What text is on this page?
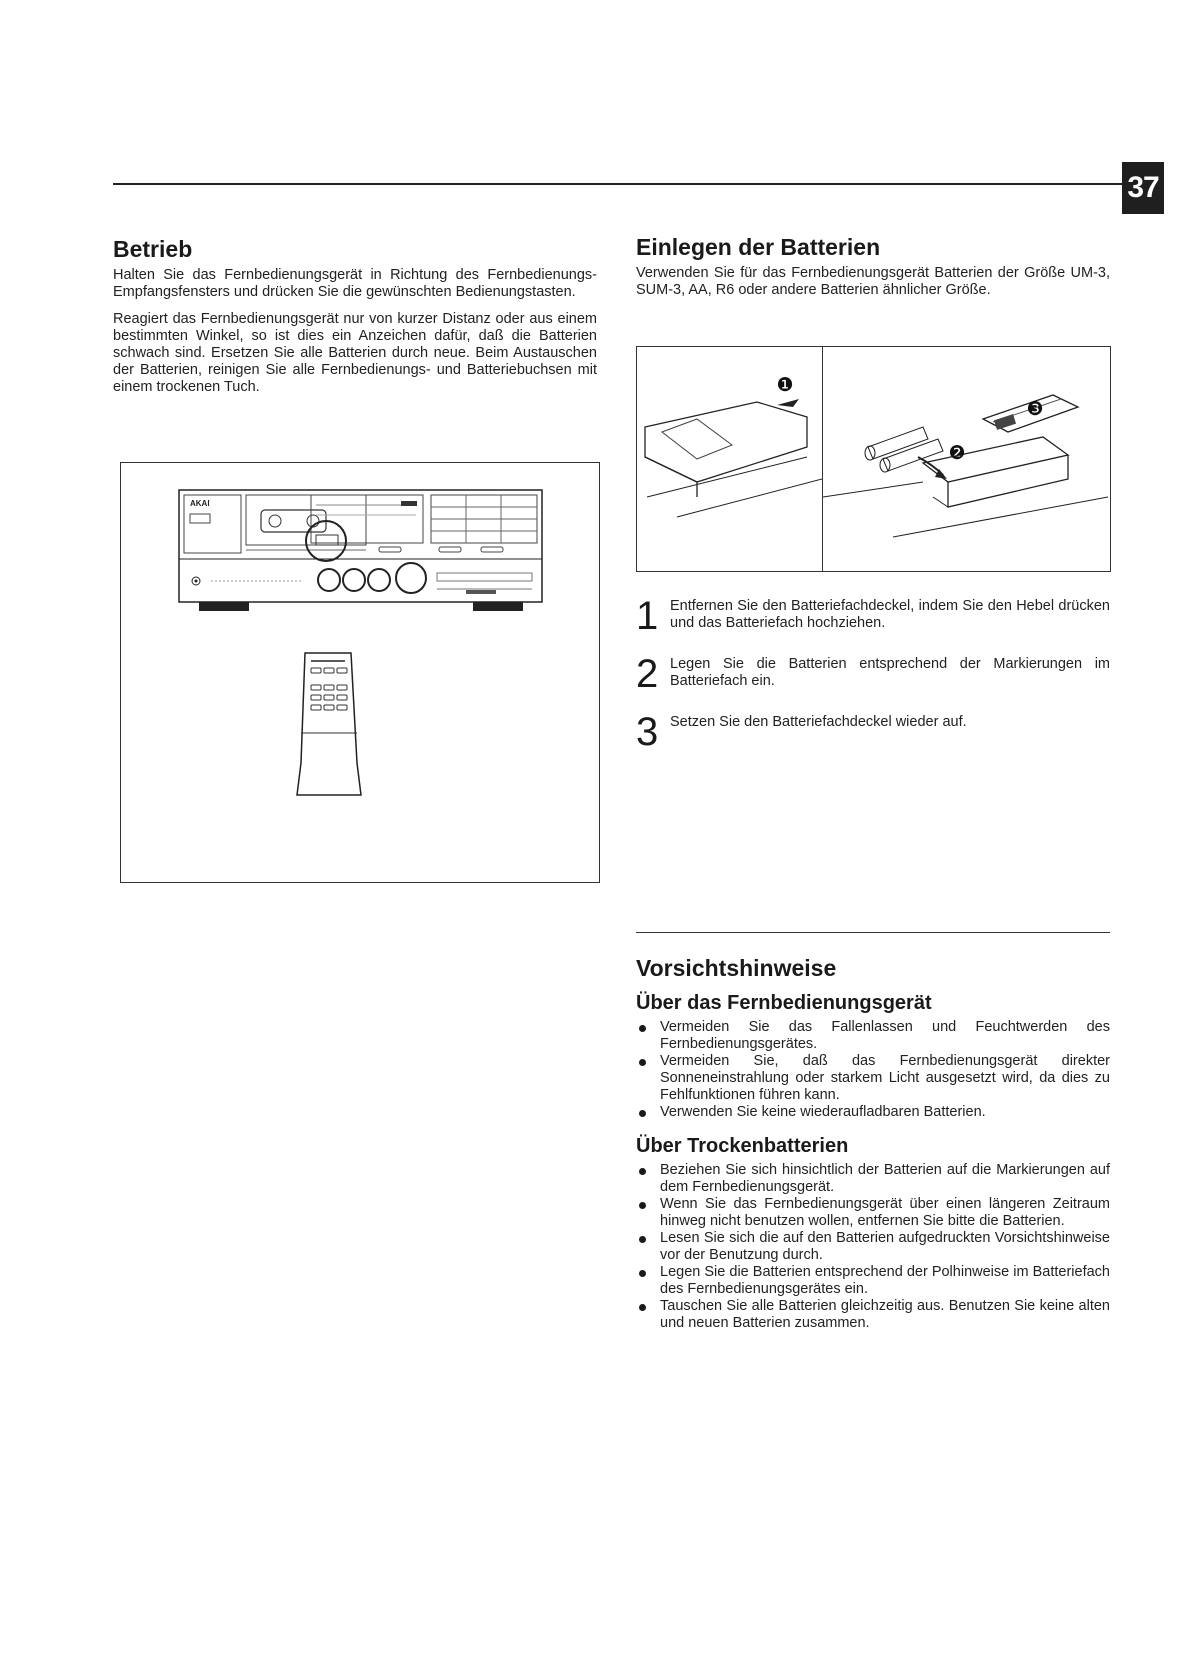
37
Betrieb

Halten Sie das Fernbedienungsgerät in Richtung des Fernbedienungs-Empfangsfensters und drücken Sie die gewünschten Bedienungstasten.

Reagiert das Fernbedienungsgerät nur von kurzer Distanz oder aus einem bestimmten Winkel, so ist dies ein Anzeichen dafür, daß die Batterien schwach sind. Ersetzen Sie alle Batterien durch neue. Beim Austauschen der Batterien, reinigen Sie alle Fernbedienungs- und Batteriebuchsen mit einem trockenen Tuch.

AKAI
Einlegen der Batterien

Verwenden Sie für das Fernbedienungsgerät Batterien der Größe UM-3, SUM-3, AA, R6 oder andere Batterien ähnlicher Größe.

❶
❷
❸
1 Entfernen Sie den Batteriefachdeckel, indem Sie den Hebel drücken und das Batteriefach hochziehen.
2 Legen Sie die Batterien entsprechend der Markierungen im Batteriefach ein.
3 Setzen Sie den Batteriefachdeckel wieder auf.
Vorsichtshinweise
Über das Fernbedienungsgerät
Vermeiden Sie das Fallenlassen und Feuchtwerden des Fernbedienungsgerätes.
Vermeiden Sie, daß das Fernbedienungsgerät direkter Sonneneinstrahlung oder starkem Licht ausgesetzt wird, da dies zu Fehlfunktionen führen kann.
Verwenden Sie keine wiederaufladbaren Batterien.
Über Trockenbatterien
Beziehen Sie sich hinsichtlich der Batterien auf die Markierungen auf dem Fernbedienungsgerät.
Wenn Sie das Fernbedienungsgerät über einen längeren Zeitraum hinweg nicht benutzen wollen, entfernen Sie bitte die Batterien.
Lesen Sie sich die auf den Batterien aufgedruckten Vorsichtshinweise vor der Benutzung durch.
Legen Sie die Batterien entsprechend der Polhinweise im Batteriefach des Fernbedienungsgerätes ein.
Tauschen Sie alle Batterien gleichzeitig aus. Benutzen Sie keine alten und neuen Batterien zusammen.
